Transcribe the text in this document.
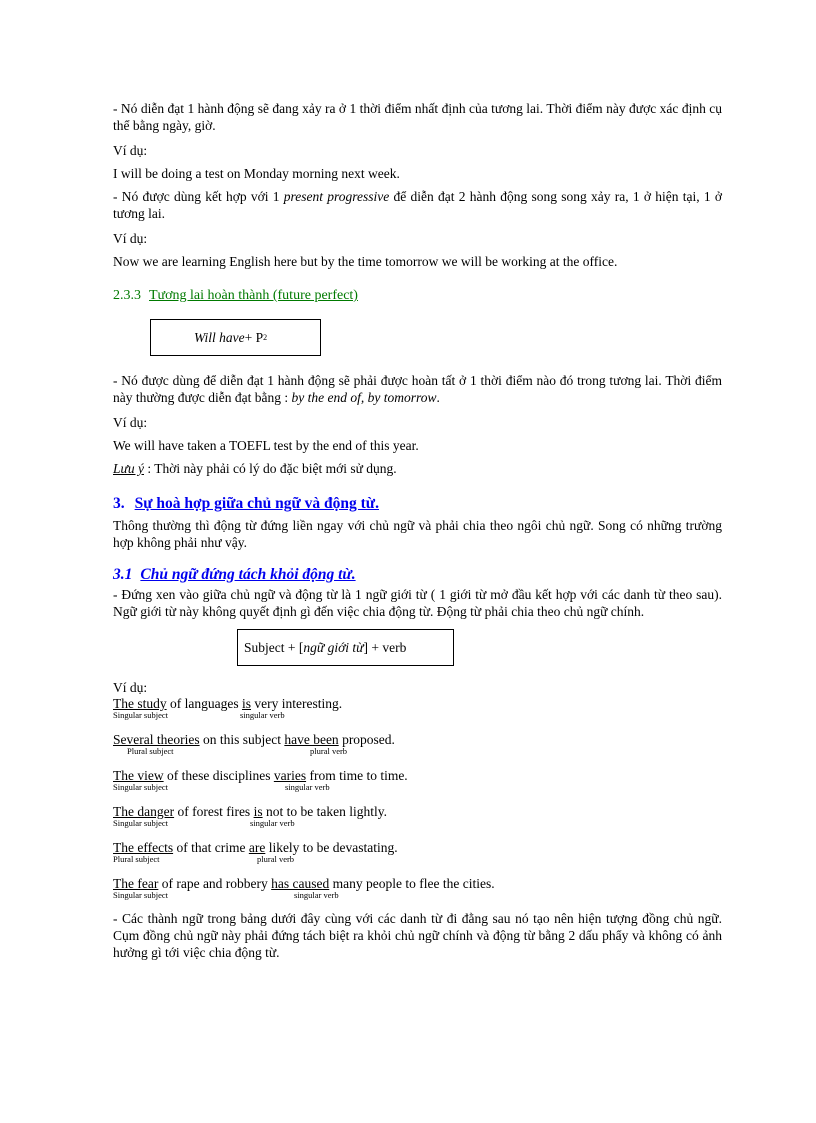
- Nó diễn đạt 1 hành động sẽ đang xảy ra ở 1 thời điểm nhất định của tương lai. Thời điểm này được xác định cụ thể bằng ngày, giờ.

Ví dụ:

I will be doing a test on Monday morning next week.

- Nó được dùng kết hợp với 1 present progressive để diễn đạt 2 hành động song song xảy ra, 1 ở hiện tại, 1 ở tương lai.

Ví dụ:

Now we are learning English here but by the time tomorrow we will be working at the office.

2.3.3 Tương lai hoàn thành (future perfect)

Will have + P 2

- Nó được dùng để diễn đạt 1 hành động sẽ phải được hoàn tất ở 1 thời điểm nào đó trong tương lai. Thời điểm này thường được diễn đạt bằng : by the end of, by tomorrow.

Ví dụ:

We will have taken a TOEFL test by the end of this year.

Lưu ý : Thời này phải có lý do đặc biệt mới sử dụng.

3. Sự hoà hợp giữa chủ ngữ và động từ.

Thông thường thì động từ đứng liền ngay với chủ ngữ và phải chia theo ngôi chủ ngữ. Song có những trường hợp không phải như vậy.

3.1 Chủ ngữ đứng tách khỏi động từ.

- Đứng xen vào giữa chủ ngữ và động từ là 1 ngữ giới từ ( 1 giới từ mở đầu kết hợp với các danh từ theo sau). Ngữ giới từ này không quyết định gì đến việc chia động từ. Động từ phải chia theo chủ ngữ chính.

Subject + [ ngữ giới từ ] + verb

Ví dụ:

The study of languages is very interesting.
Singular subject	singular verb
Several theories on this subject have been proposed.
Plural subject	plural verb
The view of these disciplines varies from time to time.
Singular subject	singular verb
The danger of forest fires is not to be taken lightly.
Singular subject	singular verb
The effects of that crime are likely to be devastating.
Plural subject	plural verb
The fear of rape and robbery has caused many people to flee the cities.
Singular subject	singular verb

- Các thành ngữ trong bảng dưới đây cùng với các danh từ đi đằng sau nó tạo nên hiện tượng đồng chủ ngữ. Cụm đồng chủ ngữ này phải đứng tách biệt ra khỏi chủ ngữ chính và động từ bằng 2 dấu phẩy và không có ảnh hưởng gì tới việc chia động từ.
